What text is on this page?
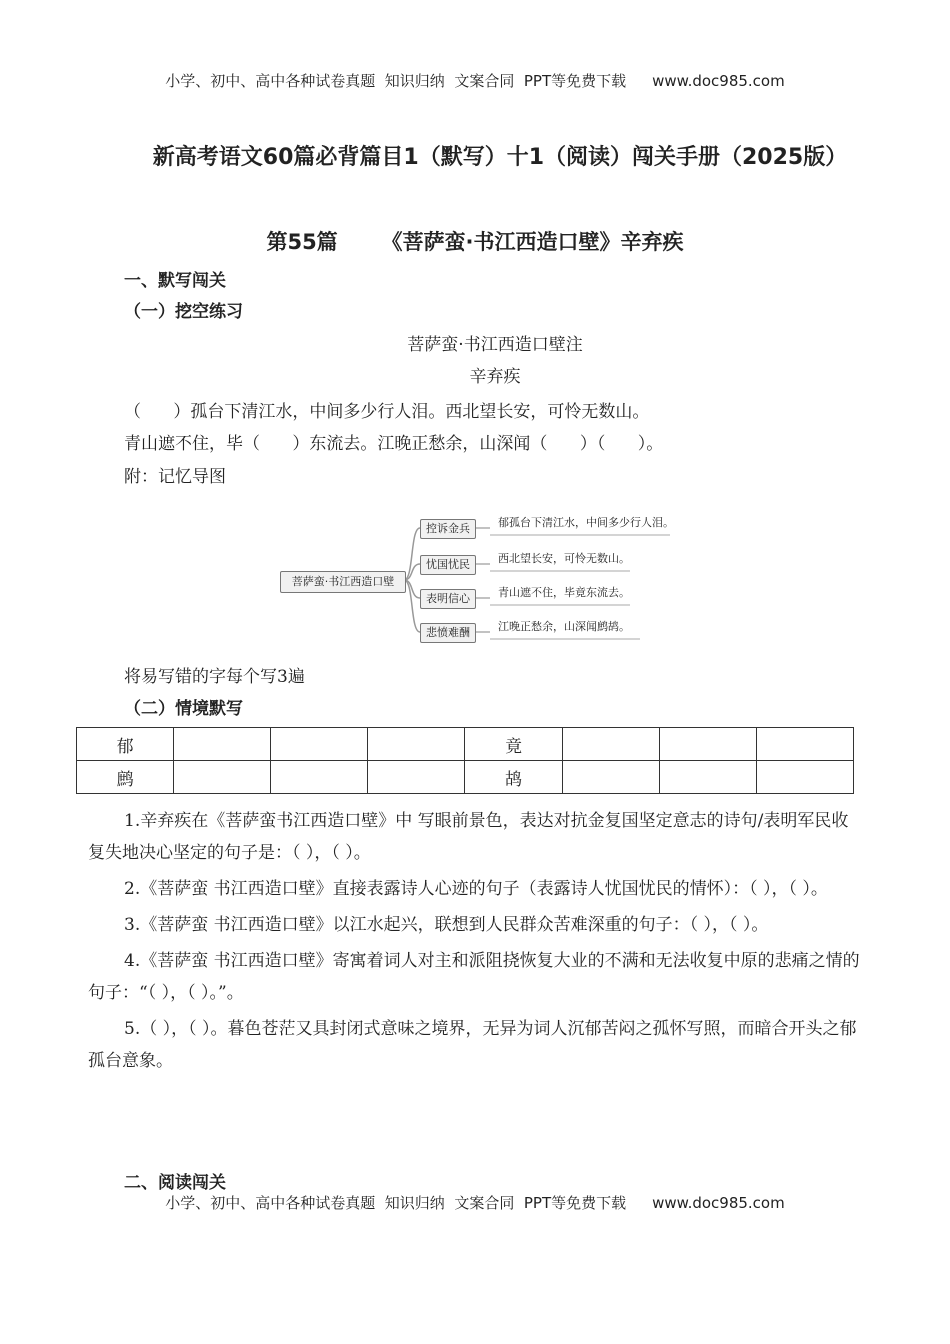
小学、初中、高中各种试卷真题  知识归纳  文案合同  PPT等免费下载 www.doc985.com
新高考语文60篇必背篇目1（默写）十1（阅读）闯关手册（2025版）
第55篇      《菩萨蛮·书江西造口壁》辛弃疾
一、默写闯关
（一）挖空练习
菩萨蛮·书江西造口壁注
辛弃疾
（      ）孤台下清江水，中间多少行人泪。西北望长安，可怜无数山。
青山遮不住，毕（      ）东流去。江晚正愁余，山深闻（      ）（      ）。
附：记忆导图
菩萨蛮·书江西造口壁
控诉金兵
忧国忧民
表明信心
悲愤难酬
郁孤台下清江水，中间多少行人泪。
西北望长安，可怜无数山。
青山遮不住，毕竟东流去。
江晚正愁余，山深闻鹧鸪。
将易写错的字每个写3遍
（二）情境默写
郁				竟			
鹧				鸪			

1.辛弃疾在《菩萨蛮书江西造口壁》中 写眼前景色，表达对抗金复国坚定意志的诗句/表明军民收复失地决心坚定的句子是：（ ），（ ）。

2.《菩萨蛮 书江西造口壁》直接表露诗人心迹的句子（表露诗人忧国忧民的情怀）：（ ），（ ）。

3.《菩萨蛮 书江西造口壁》以江水起兴，联想到人民群众苦难深重的句子：（ ），（ ）。

4.《菩萨蛮 书江西造口壁》寄寓着词人对主和派阻挠恢复大业的不满和无法收复中原的悲痛之情的句子：“（ ），（ ）。”。

5.（ ），（ ）。暮色苍茫又具封闭式意味之境界，无异为词人沉郁苦闷之孤怀写照，而暗合开头之郁孤台意象。

二、阅读闯关
小学、初中、高中各种试卷真题  知识归纳  文案合同  PPT等免费下载 www.doc985.com
